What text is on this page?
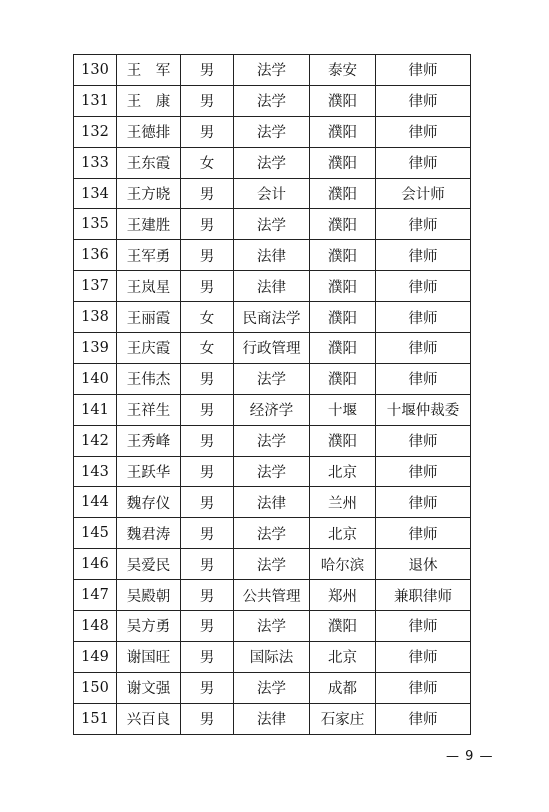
130	王　军	男	法学	泰安	律师
131	王　康	男	法学	濮阳	律师
132	王德排	男	法学	濮阳	律师
133	王东霞	女	法学	濮阳	律师
134	王方晓	男	会计	濮阳	会计师
135	王建胜	男	法学	濮阳	律师
136	王军勇	男	法律	濮阳	律师
137	王岚星	男	法律	濮阳	律师
138	王丽霞	女	民商法学	濮阳	律师
139	王庆霞	女	行政管理	濮阳	律师
140	王伟杰	男	法学	濮阳	律师
141	王祥生	男	经济学	十堰	十堰仲裁委
142	王秀峰	男	法学	濮阳	律师
143	王跃华	男	法学	北京	律师
144	魏存仪	男	法律	兰州	律师
145	魏君涛	男	法学	北京	律师
146	吴爱民	男	法学	哈尔滨	退休
147	吴殿朝	男	公共管理	郑州	兼职律师
148	吴方勇	男	法学	濮阳	律师
149	谢国旺	男	国际法	北京	律师
150	谢文强	男	法学	成都	律师
151	兴百良	男	法律	石家庄	律师
— 9 —
